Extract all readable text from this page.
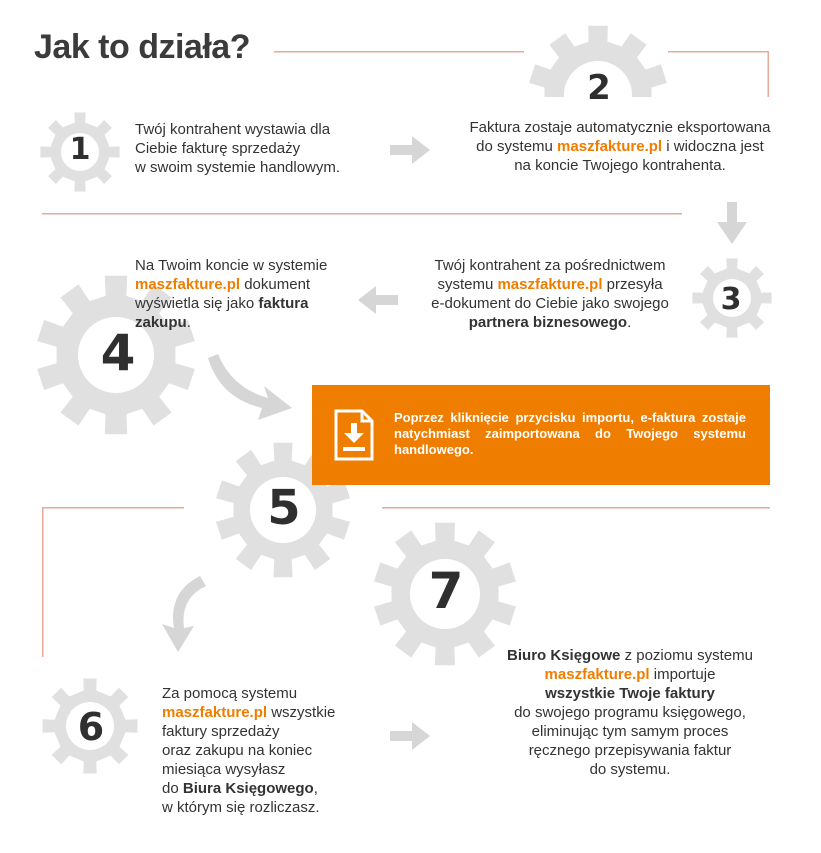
Jak to działa?
1
2
3
4
5
6
7
Twój kontrahent wystawia dla
Ciebie fakturę sprzedaży
w swoim systemie handlowym.
Faktura zostaje automatycznie eksportowana
do systemu maszfakture.pl i widoczna jest
na koncie Twojego kontrahenta.
Twój kontrahent za pośrednictwem
systemu maszfakture.pl przesyła
e-dokument do Ciebie jako swojego
partnera biznesowego.
Na Twoim koncie w systemie
maszfakture.pl dokument
wyświetla się jako faktura
zakupu.
Za pomocą systemu
maszfakture.pl wszystkie
faktury sprzedaży
oraz zakupu na koniec
miesiąca wysyłasz
do Biura Księgowego,
w którym się rozliczasz.
Biuro Księgowe z poziomu systemu
maszfakture.pl importuje
wszystkie Twoje faktury
do swojego programu księgowego,
eliminując tym samym proces
ręcznego przepisywania faktur
do systemu.
Poprzez kliknięcie przycisku importu, e-faktura zostaje natychmiast zaimportowana do Twojego systemu handlowego.
